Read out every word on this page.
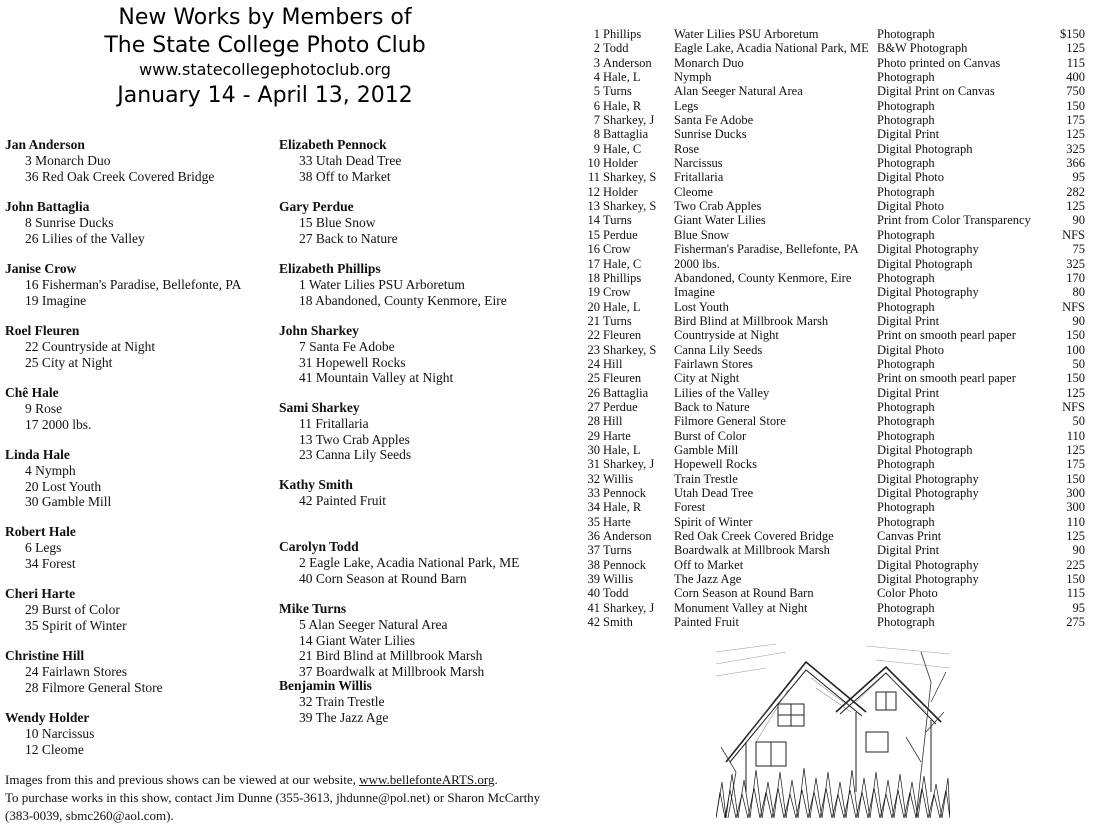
New Works by Members of
The State College Photo Club
www.statecollegephotoclub.org
January 14 - April 13, 2012
Jan Anderson
3 Monarch Duo
36 Red Oak Creek Covered Bridge
John Battaglia
8 Sunrise Ducks
26 Lilies of the Valley
Janise Crow
16 Fisherman's Paradise, Bellefonte, PA
19 Imagine
Roel Fleuren
22 Countryside at Night
25 City at Night
Chê Hale
9 Rose
17 2000 lbs.
Linda Hale
4 Nymph
20 Lost Youth
30 Gamble Mill
Robert Hale
6 Legs
34 Forest
Cheri Harte
29 Burst of Color
35 Spirit of Winter
Christine Hill
24 Fairlawn Stores
28 Filmore General Store
Wendy Holder
10 Narcissus
12 Cleome
Elizabeth Pennock
33 Utah Dead Tree
38 Off to Market
Gary Perdue
15 Blue Snow
27 Back to Nature
Elizabeth Phillips
1 Water Lilies PSU Arboretum
18 Abandoned, County Kenmore, Eire
John Sharkey
7 Santa Fe Adobe
31 Hopewell Rocks
41 Mountain Valley at Night
Sami Sharkey
11 Fritallaria
13 Two Crab Apples
23 Canna Lily Seeds
Kathy Smith
42 Painted Fruit
Carolyn Todd
2 Eagle Lake, Acadia National Park, ME
40 Corn Season at Round Barn
Mike Turns
5 Alan Seeger Natural Area
14 Giant Water Lilies
21 Bird Blind at Millbrook Marsh
37 Boardwalk at Millbrook Marsh
Benjamin Willis
32 Train Trestle
39 The Jazz Age
Images from this and previous shows can be viewed at our website, www.bellefonteARTS.org.
To purchase works in this show, contact Jim Dunne (355-3613, jhdunne@pol.net) or Sharon McCarthy
(383-0039, sbmc260@aol.com).
1	Phillips	Water Lilies PSU Arboretum	Photograph	$150
2	Todd	Eagle Lake, Acadia National Park, ME	B&W Photograph	125
3	Anderson	Monarch Duo	Photo printed on Canvas	115
4	Hale, L	Nymph	Photograph	400
5	Turns	Alan Seeger Natural Area	Digital Print on Canvas	750
6	Hale, R	Legs	Photograph	150
7	Sharkey, J	Santa Fe Adobe	Photograph	175
8	Battaglia	Sunrise Ducks	Digital Print	125
9	Hale, C	Rose	Digital Photograph	325
10	Holder	Narcissus	Photograph	366
11	Sharkey, S	Fritallaria	Digital Photo	95
12	Holder	Cleome	Photograph	282
13	Sharkey, S	Two Crab Apples	Digital Photo	125
14	Turns	Giant Water Lilies	Print from Color Transparency	90
15	Perdue	Blue Snow	Photograph	NFS
16	Crow	Fisherman's Paradise, Bellefonte, PA	Digital Photography	75
17	Hale, C	2000 lbs.	Digital Photograph	325
18	Phillips	Abandoned, County Kenmore, Eire	Photograph	170
19	Crow	Imagine	Digital Photography	80
20	Hale, L	Lost Youth	Photograph	NFS
21	Turns	Bird Blind at Millbrook Marsh	Digital Print	90
22	Fleuren	Countryside at Night	Print on smooth pearl paper	150
23	Sharkey, S	Canna Lily Seeds	Digital Photo	100
24	Hill	Fairlawn Stores	Photograph	50
25	Fleuren	City at Night	Print on smooth pearl paper	150
26	Battaglia	Lilies of the Valley	Digital Print	125
27	Perdue	Back to Nature	Photograph	NFS
28	Hill	Filmore General Store	Photograph	50
29	Harte	Burst of Color	Photograph	110
30	Hale, L	Gamble Mill	Digital Photograph	125
31	Sharkey, J	Hopewell Rocks	Photograph	175
32	Willis	Train Trestle	Digital Photography	150
33	Pennock	Utah Dead Tree	Digital Photography	300
34	Hale, R	Forest	Photograph	300
35	Harte	Spirit of Winter	Photograph	110
36	Anderson	Red Oak Creek Covered Bridge	Canvas Print	125
37	Turns	Boardwalk at Millbrook Marsh	Digital Print	90
38	Pennock	Off to Market	Digital Photography	225
39	Willis	The Jazz Age	Digital Photography	150
40	Todd	Corn Season at Round Barn	Color Photo	115
41	Sharkey, J	Monument Valley at Night	Photograph	95
42	Smith	Painted Fruit	Photograph	275
